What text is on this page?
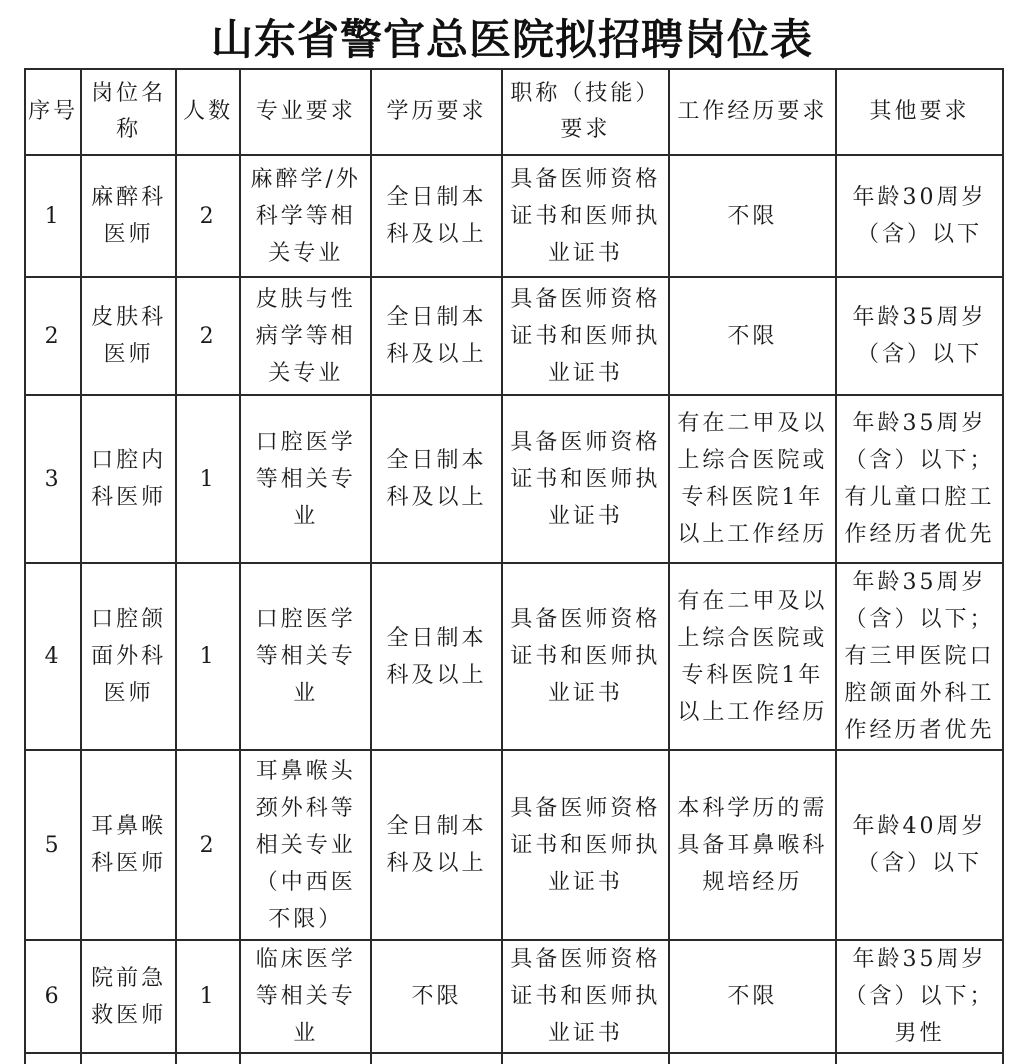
山东省警官总医院拟招聘岗位表
序号	岗位名称	人数	专业要求	学历要求	职称（技能）要求	工作经历要求	其他要求
1	麻醉科医师	2	麻醉学/外科学等相关专业	全日制本科及以上	具备医师资格证书和医师执业证书	不限	年龄30周岁（含）以下
2	皮肤科医师	2	皮肤与性病学等相关专业	全日制本科及以上	具备医师资格证书和医师执业证书	不限	年龄35周岁（含）以下
3	口腔内科医师	1	口腔医学等相关专业	全日制本科及以上	具备医师资格证书和医师执业证书	有在二甲及以上综合医院或专科医院1年以上工作经历	年龄35周岁（含）以下；有儿童口腔工作经历者优先
4	口腔颌面外科医师	1	口腔医学等相关专业	全日制本科及以上	具备医师资格证书和医师执业证书	有在二甲及以上综合医院或专科医院1年以上工作经历	年龄35周岁（含）以下；有三甲医院口腔颌面外科工作经历者优先
5	耳鼻喉科医师	2	耳鼻喉头颈外科等相关专业（中西医不限）	全日制本科及以上	具备医师资格证书和医师执业证书	本科学历的需具备耳鼻喉科规培经历	年龄40周岁（含）以下
6	院前急救医师	1	临床医学等相关专业	不限	具备医师资格证书和医师执业证书	不限	年龄35周岁（含）以下；男性
